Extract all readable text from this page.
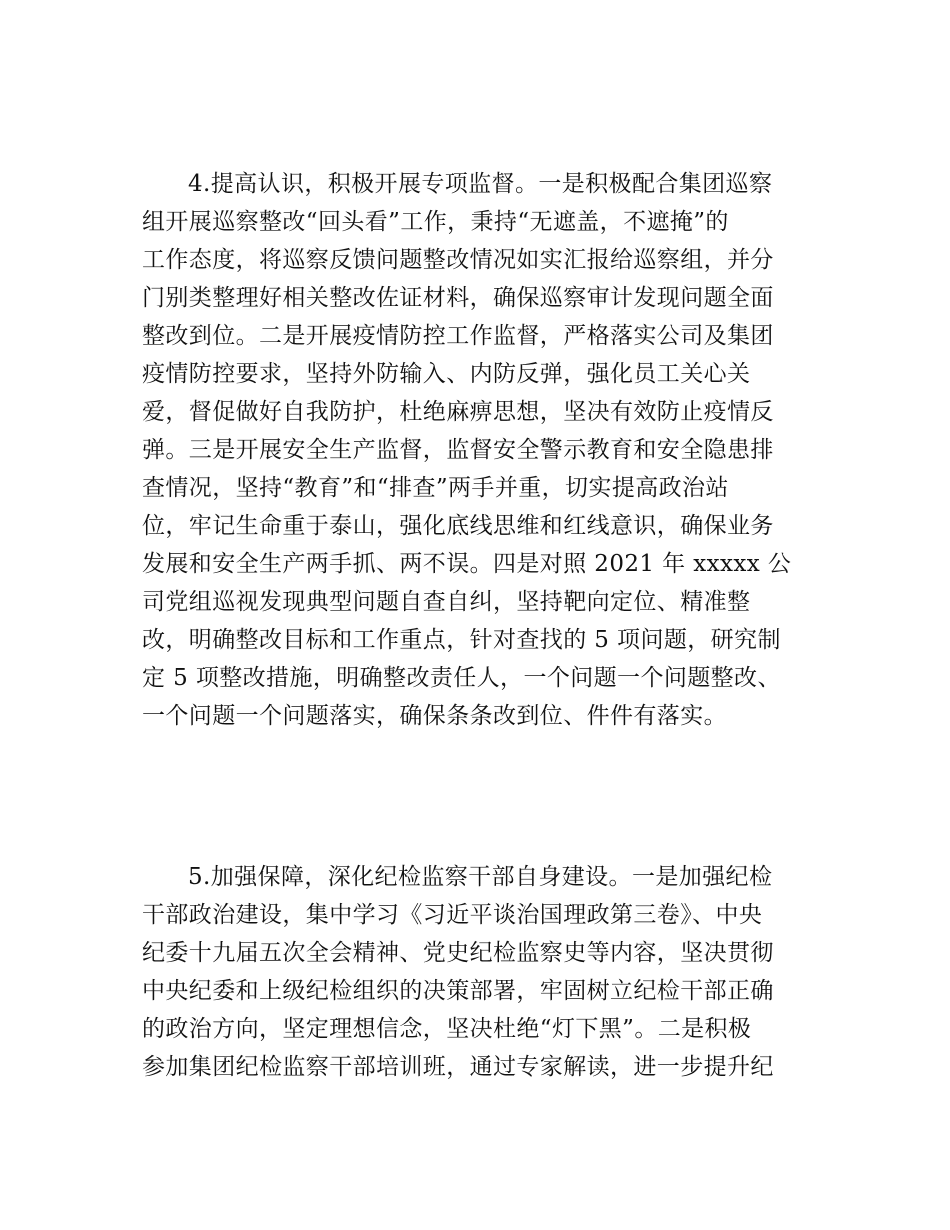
4.提高认识，积极开展专项监督。一是积极配合集团巡察
组开展巡察整改“回头看”工作，秉持“无遮盖，不遮掩”的
工作态度，将巡察反馈问题整改情况如实汇报给巡察组，并分
门别类整理好相关整改佐证材料，确保巡察审计发现问题全面
整改到位。二是开展疫情防控工作监督，严格落实公司及集团
疫情防控要求，坚持外防输入、内防反弹，强化员工关心关
爱，督促做好自我防护，杜绝麻痹思想，坚决有效防止疫情反
弹。三是开展安全生产监督，监督安全警示教育和安全隐患排
查情况，坚持“教育”和“排查”两手并重，切实提高政治站
位，牢记生命重于泰山，强化底线思维和红线意识，确保业务
发展和安全生产两手抓、两不误。四是对照 2021 年 xxxxx 公
司党组巡视发现典型问题自查自纠，坚持靶向定位、精准整
改，明确整改目标和工作重点，针对查找的 5 项问题，研究制
定 5 项整改措施，明确整改责任人，一个问题一个问题整改、
一个问题一个问题落实，确保条条改到位、件件有落实。
5.加强保障，深化纪检监察干部自身建设。一是加强纪检
干部政治建设，集中学习《习近平谈治国理政第三卷》、中央
纪委十九届五次全会精神、党史纪检监察史等内容，坚决贯彻
中央纪委和上级纪检组织的决策部署，牢固树立纪检干部正确
的政治方向，坚定理想信念，坚决杜绝“灯下黑”。二是积极
参加集团纪检监察干部培训班，通过专家解读，进一步提升纪
